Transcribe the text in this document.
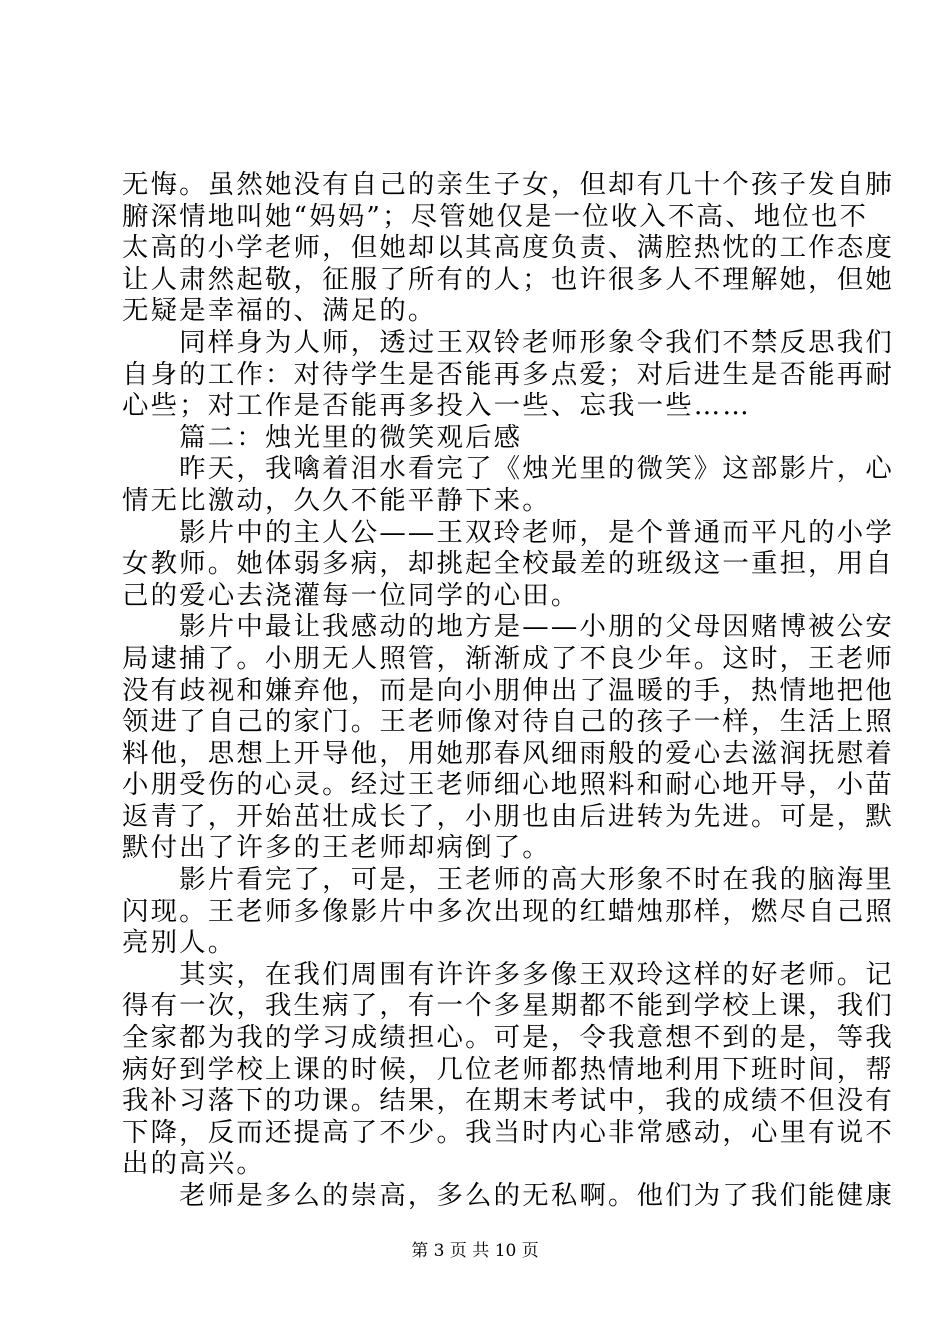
无悔。虽然她没有自己的亲生子女，但却有几十个孩子发自肺
腑深情地叫她“妈妈”；尽管她仅是一位收入不高、地位也不
太高的小学老师，但她却以其高度负责、满腔热忱的工作态度
让人肃然起敬，征服了所有的人；也许很多人不理解她，但她
无疑是幸福的、满足的。
　　同样身为人师，透过王双铃老师形象令我们不禁反思我们
自身的工作：对待学生是否能再多点爱；对后进生是否能再耐
心些；对工作是否能再多投入一些、忘我一些……
　　篇二：烛光里的微笑观后感
　　昨天，我噙着泪水看完了《烛光里的微笑》这部影片，心
情无比激动，久久不能平静下来。
　　影片中的主人公——王双玲老师，是个普通而平凡的小学
女教师。她体弱多病，却挑起全校最差的班级这一重担，用自
己的爱心去浇灌每一位同学的心田。
　　影片中最让我感动的地方是——小朋的父母因赌博被公安
局逮捕了。小朋无人照管，渐渐成了不良少年。这时，王老师
没有歧视和嫌弃他，而是向小朋伸出了温暖的手，热情地把他
领进了自己的家门。王老师像对待自己的孩子一样，生活上照
料他，思想上开导他，用她那春风细雨般的爱心去滋润抚慰着
小朋受伤的心灵。经过王老师细心地照料和耐心地开导，小苗
返青了，开始茁壮成长了，小朋也由后进转为先进。可是，默
默付出了许多的王老师却病倒了。
　　影片看完了，可是，王老师的高大形象不时在我的脑海里
闪现。王老师多像影片中多次出现的红蜡烛那样，燃尽自己照
亮别人。
　　其实，在我们周围有许许多多像王双玲这样的好老师。记
得有一次，我生病了，有一个多星期都不能到学校上课，我们
全家都为我的学习成绩担心。可是，令我意想不到的是，等我
病好到学校上课的时候，几位老师都热情地利用下班时间，帮
我补习落下的功课。结果，在期末考试中，我的成绩不但没有
下降，反而还提高了不少。我当时内心非常感动，心里有说不
出的高兴。
　　老师是多么的崇高，多么的无私啊。他们为了我们能健康
第 3 页 共 10 页
